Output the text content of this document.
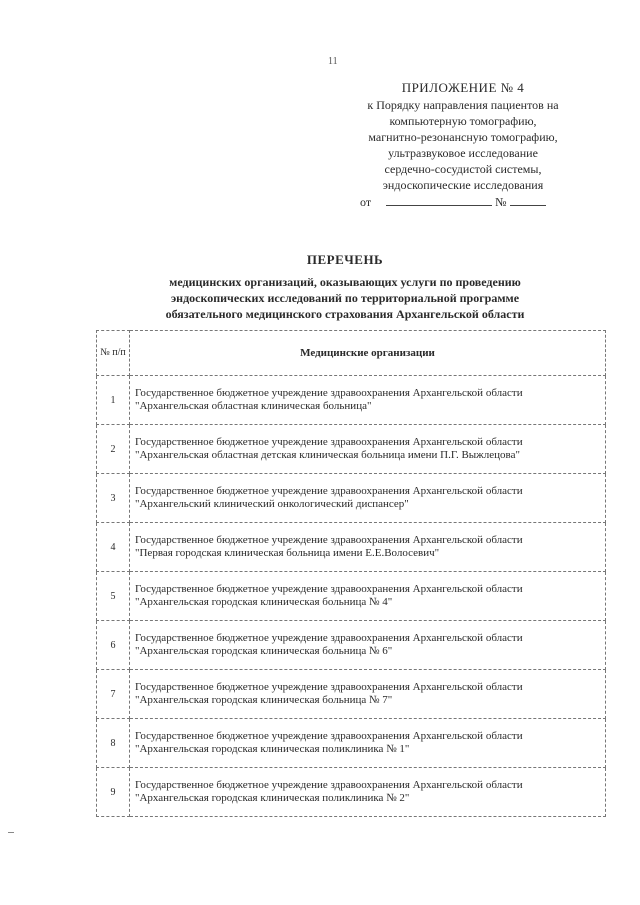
11
ПРИЛОЖЕНИЕ № 4
к Порядку направления пациентов на
компьютерную томографию,
магнитно-резонансную томографию,
ультразвуковое исследование
сердечно-сосудистой системы,
эндоскопические исследования
от	№
ПЕРЕЧЕНЬ
медицинских организаций, оказывающих услуги по проведению
эндоскопических исследований по территориальной программе
обязательного медицинского страхования Архангельской области
№ п/п	Медицинские организации
1	Государственное бюджетное учреждение здравоохранения Архангельской области
"Архангельская областная клиническая больница"

2	Государственное бюджетное учреждение здравоохранения Архангельской области
"Архангельская областная детская клиническая больница имени П.Г. Выжлецова"

3	Государственное бюджетное учреждение здравоохранения Архангельской области
"Архангельский клинический онкологический диспансер"

4	Государственное бюджетное учреждение здравоохранения Архангельской области
"Первая городская клиническая больница имени Е.Е.Волосевич"

5	Государственное бюджетное учреждение здравоохранения Архангельской области
"Архангельская городская клиническая больница № 4"

6	Государственное бюджетное учреждение здравоохранения Архангельской области
"Архангельская городская клиническая больница № 6"

7	Государственное бюджетное учреждение здравоохранения Архангельской области
"Архангельская городская клиническая больница № 7"

8	Государственное бюджетное учреждение здравоохранения Архангельской области
"Архангельская городская клиническая поликлиника № 1"

9	Государственное бюджетное учреждение здравоохранения Архангельской области
"Архангельская городская клиническая поликлиника № 2"
